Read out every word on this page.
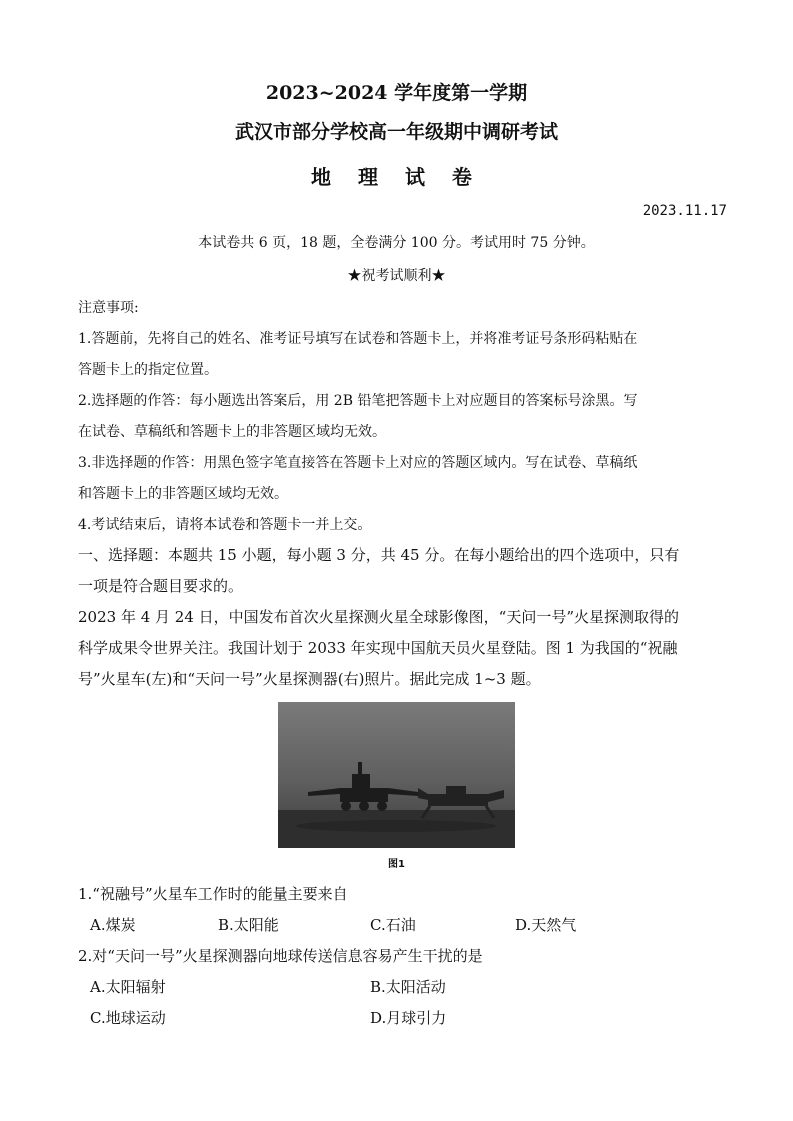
2023~2024 学年度第一学期
武汉市部分学校高一年级期中调研考试
地 理 试 卷
2023.11.17
本试卷共 6 页，18 题，全卷满分 100 分。考试用时 75 分钟。
★祝考试顺利★
注意事项:
1.答题前，先将自己的姓名、准考证号填写在试卷和答题卡上，并将准考证号条形码粘贴在
答题卡上的指定位置。
2.选择题的作答：每小题选出答案后，用 2B 铅笔把答题卡上对应题目的答案标号涂黑。写
在试卷、草稿纸和答题卡上的非答题区域均无效。
3.非选择题的作答：用黑色签字笔直接答在答题卡上对应的答题区域内。写在试卷、草稿纸
和答题卡上的非答题区域均无效。
4.考试结束后，请将本试卷和答题卡一并上交。
一、选择题：本题共 15 小题，每小题 3 分，共 45 分。在每小题给出的四个选项中，只有
一项是符合题目要求的。
2023 年 4 月 24 日，中国发布首次火星探测火星全球影像图，“天问一号”火星探测取得的
科学成果令世界关注。我国计划于 2033 年实现中国航天员火星登陆。图 1 为我国的“祝融
号”火星车(左)和“天问一号”火星探测器(右)照片。据此完成 1~3 题。
图1
1.“祝融号”火星车工作时的能量主要来自
A.煤炭	B.太阳能	C.石油	D.天然气
2.对“天问一号”火星探测器向地球传送信息容易产生干扰的是
A.太阳辐射	B.太阳活动
C.地球运动	D.月球引力
